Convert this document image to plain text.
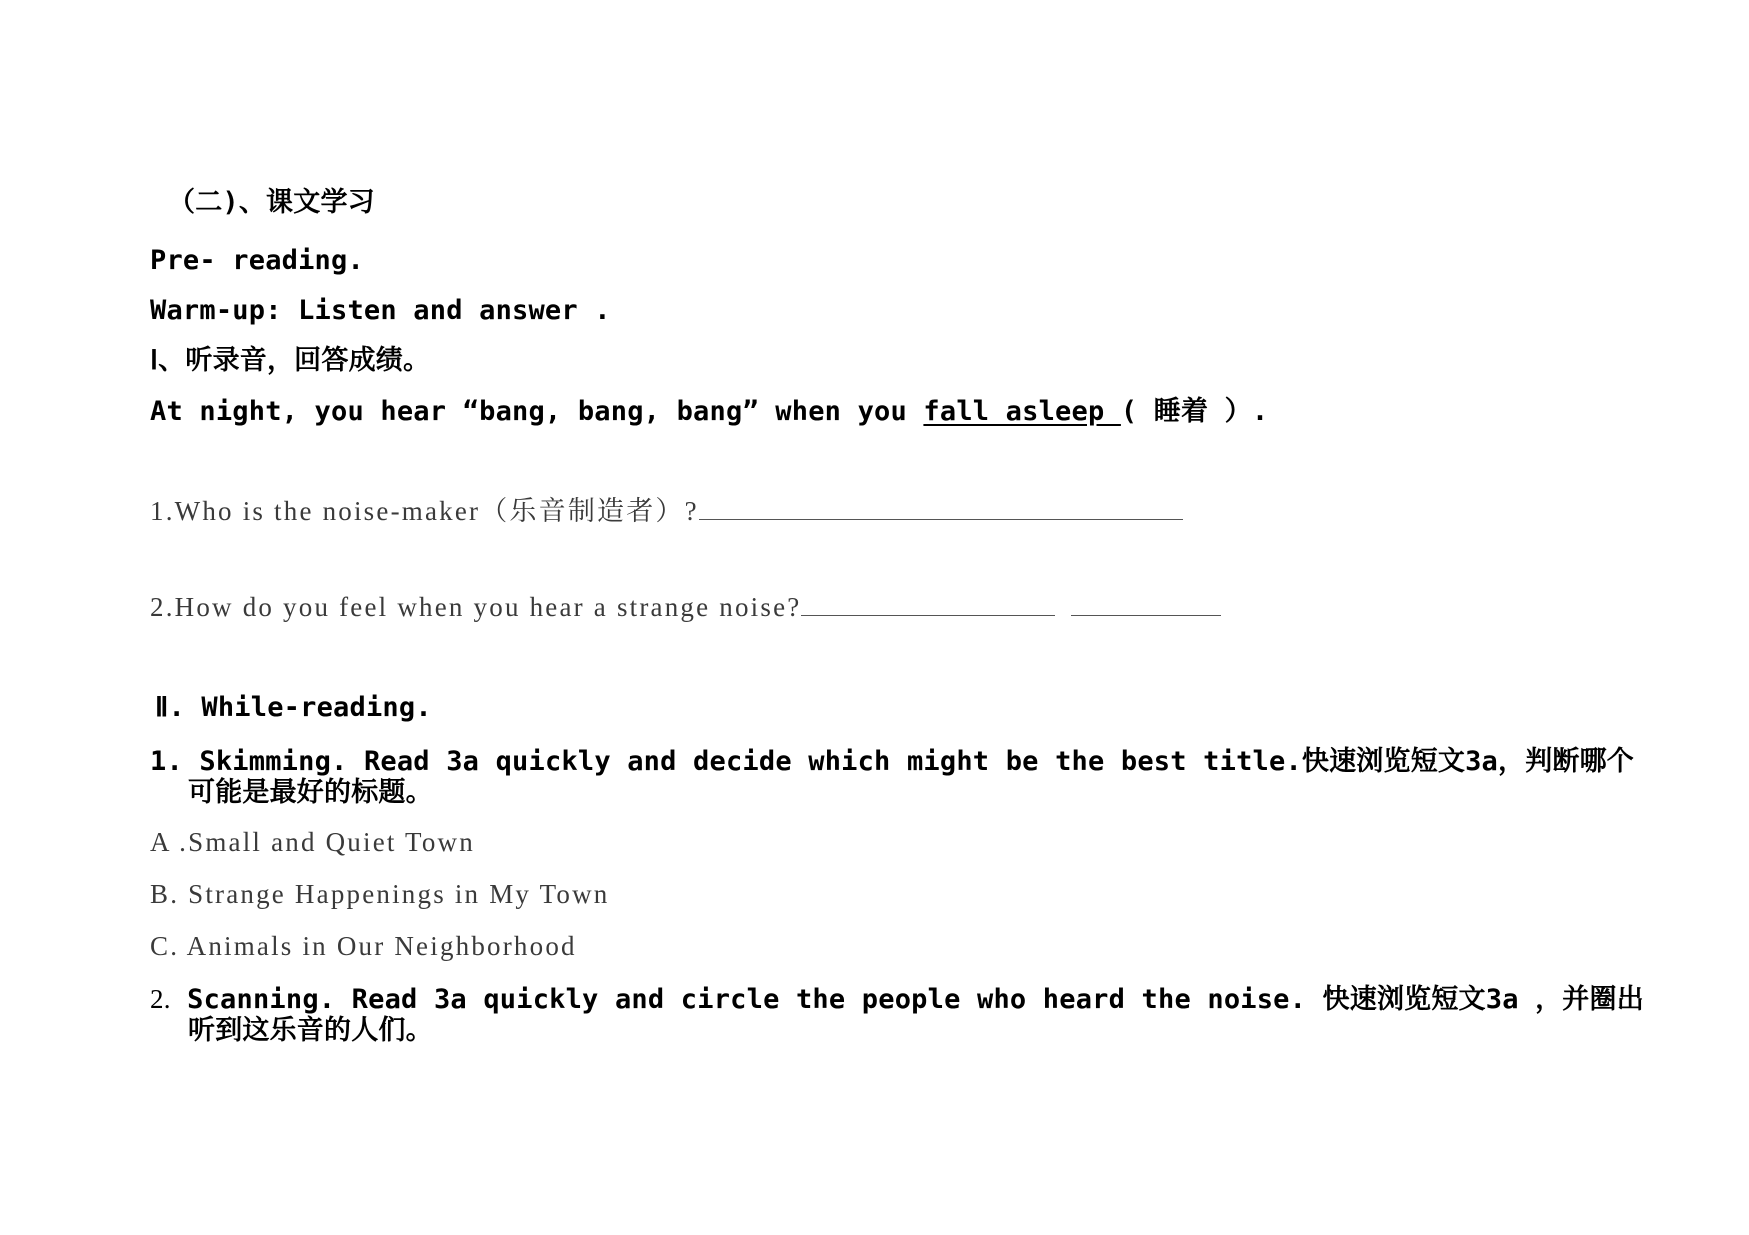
（二)、课文学习
Pre- reading.
Warm-up: Listen and answer .
Ⅰ、听录音，回答成绩。
At night, you hear “bang, bang, bang” when you fall asleep ( 睡着 ）.
1.Who is the noise-maker（乐音制造者）?
2.How do you feel when you hear a strange noise?
Ⅱ. While-reading.
1. Skimming. Read 3a quickly and decide which might be the best title.快速浏览短文3a，判断哪个可能是最好的标题。
A .Small and Quiet Town
B. Strange Happenings in My Town
C. Animals in Our Neighborhood
2. Scanning. Read 3a quickly and circle the people who heard the noise. 快速浏览短文3a ，并圈出听到这乐音的人们。
